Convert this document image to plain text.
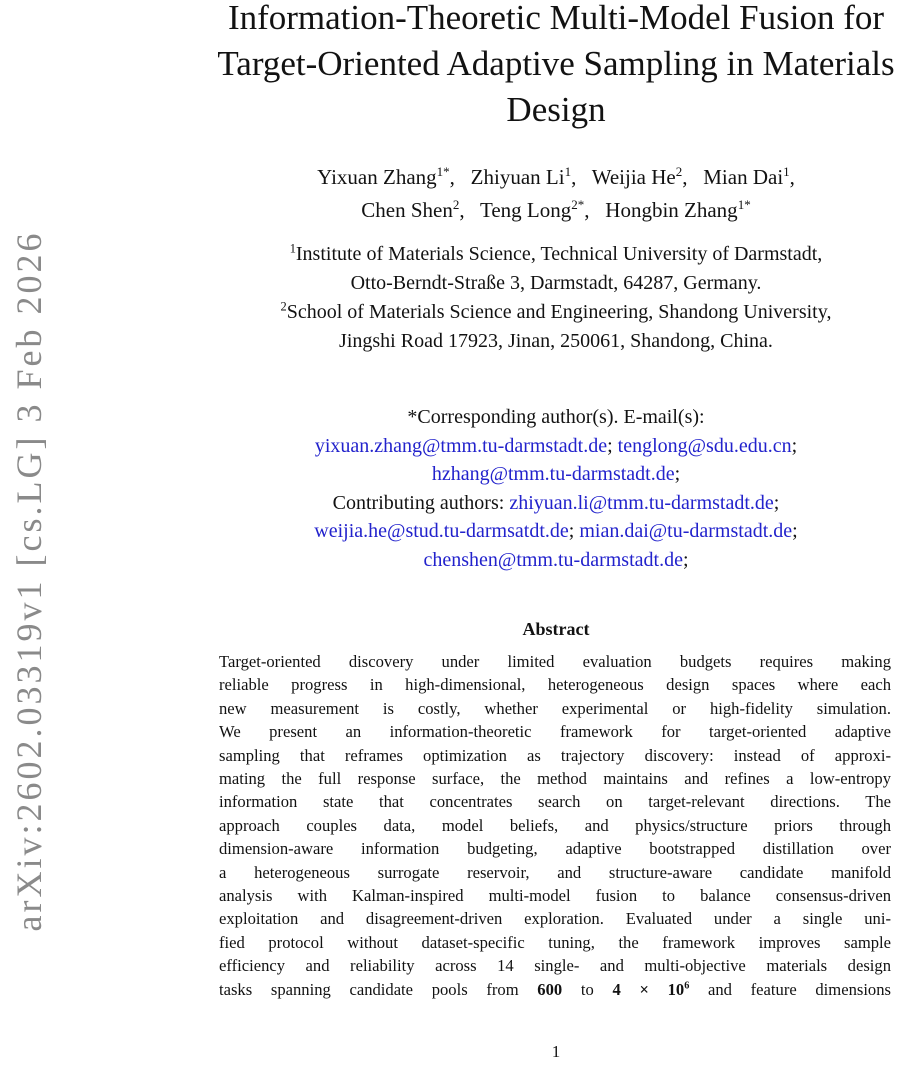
arXiv:2602.03319v1 [cs.LG] 3 Feb 2026
Information-Theoretic Multi-Model Fusion for
Target-Oriented Adaptive Sampling in Materials
Design
Yixuan Zhang$^{1*}$, Zhiyuan Li$^1$, Weijia He$^2$, Mian Dai$^1$,
Chen Shen$^2$, Teng Long$^{2*}$, Hongbin Zhang$^{1*}$
$^1$Institute of Materials Science, Technical University of Darmstadt,
Otto-Berndt-Straße 3, Darmstadt, 64287, Germany.
$^2$School of Materials Science and Engineering, Shandong University,
Jingshi Road 17923, Jinan, 250061, Shandong, China.
*Corresponding author(s). E-mail(s):
yixuan.zhang@tmm.tu-darmstadt.de; tenglong@sdu.edu.cn;
hzhang@tmm.tu-darmstadt.de;
Contributing authors: zhiyuan.li@tmm.tu-darmstadt.de;
weijia.he@stud.tu-darmsatdt.de; mian.dai@tu-darmstadt.de;
chenshen@tmm.tu-darmstadt.de;
Abstract
Target-oriented discovery under limited evaluation budgets requires making
reliable progress in high-dimensional, heterogeneous design spaces where each
new measurement is costly, whether experimental or high-fidelity simulation.
We present an information-theoretic framework for target-oriented adaptive
sampling that reframes optimization as trajectory discovery: instead of approxi-
mating the full response surface, the method maintains and refines a low-entropy
information state that concentrates search on target-relevant directions. The
approach couples data, model beliefs, and physics/structure priors through
dimension-aware information budgeting, adaptive bootstrapped distillation over
a heterogeneous surrogate reservoir, and structure-aware candidate manifold
analysis with Kalman-inspired multi-model fusion to balance consensus-driven
exploitation and disagreement-driven exploration. Evaluated under a single uni-
fied protocol without dataset-specific tuning, the framework improves sample
efficiency and reliability across 14 single- and multi-objective materials design
tasks spanning candidate pools from 600 to $4 \times 10^6$ and feature dimensions
1
